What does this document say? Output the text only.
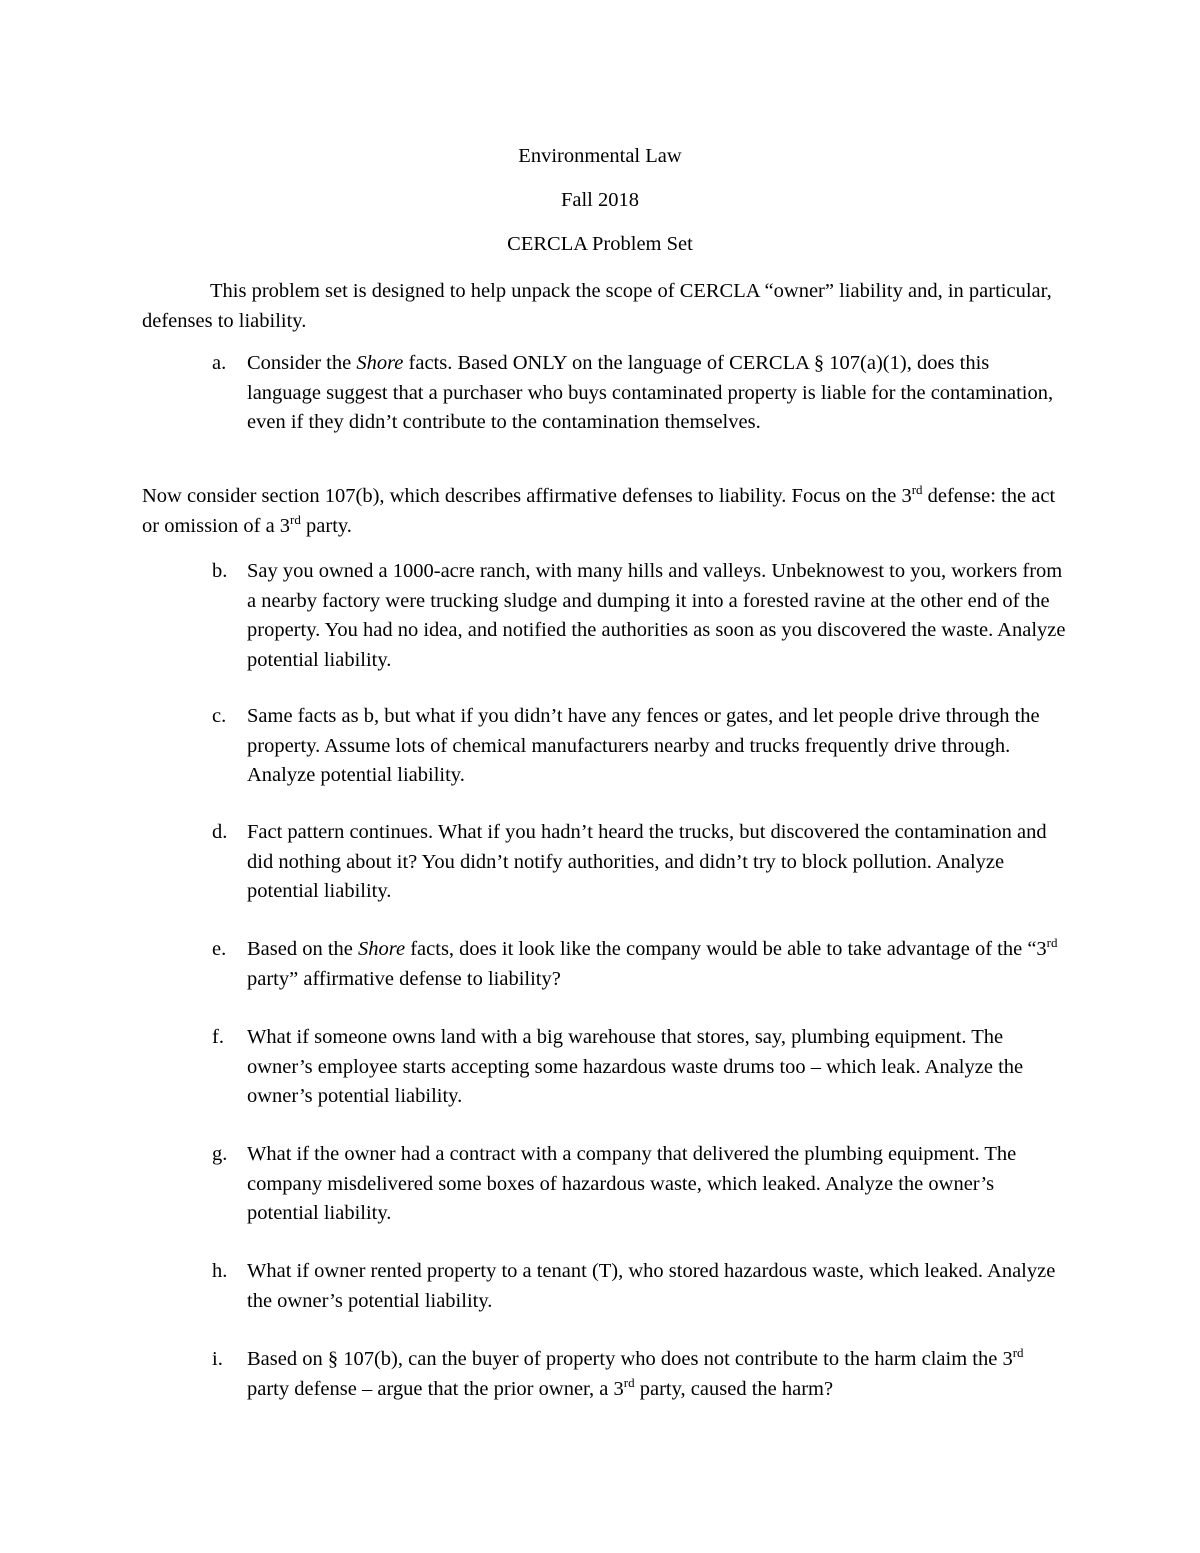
Environmental Law
Fall 2018
CERCLA Problem Set
This problem set is designed to help unpack the scope of CERCLA “owner” liability and, in particular, defenses to liability.
a.	Consider the Shore facts. Based ONLY on the language of CERCLA § 107(a)(1), does this language suggest that a purchaser who buys contaminated property is liable for the contamination, even if they didn’t contribute to the contamination themselves.
Now consider section 107(b), which describes affirmative defenses to liability. Focus on the 3rd defense: the act or omission of a 3rd party.
b. Say you owned a 1000-acre ranch, with many hills and valleys. Unbeknowest to you, workers from a nearby factory were trucking sludge and dumping it into a forested ravine at the other end of the property. You had no idea, and notified the authorities as soon as you discovered the waste. Analyze potential liability.
c.	Same facts as b, but what if you didn’t have any fences or gates, and let people drive through the property. Assume lots of chemical manufacturers nearby and trucks frequently drive through. Analyze potential liability.
d. Fact pattern continues. What if you hadn’t heard the trucks, but discovered the contamination and did nothing about it? You didn’t notify authorities, and didn’t try to block pollution. Analyze potential liability.
e.	Based on the Shore facts, does it look like the company would be able to take advantage of the “3rd party” affirmative defense to liability?
f.	What if someone owns land with a big warehouse that stores, say, plumbing equipment. The owner’s employee starts accepting some hazardous waste drums too – which leak. Analyze the owner’s potential liability.
g. What if the owner had a contract with a company that delivered the plumbing equipment. The company misdelivered some boxes of hazardous waste, which leaked. Analyze the owner’s potential liability.
h. What if owner rented property to a tenant (T), who stored hazardous waste, which leaked. Analyze the owner’s potential liability.
i.	Based on § 107(b), can the buyer of property who does not contribute to the harm claim the 3rd party defense – argue that the prior owner, a 3rd party, caused the harm?
